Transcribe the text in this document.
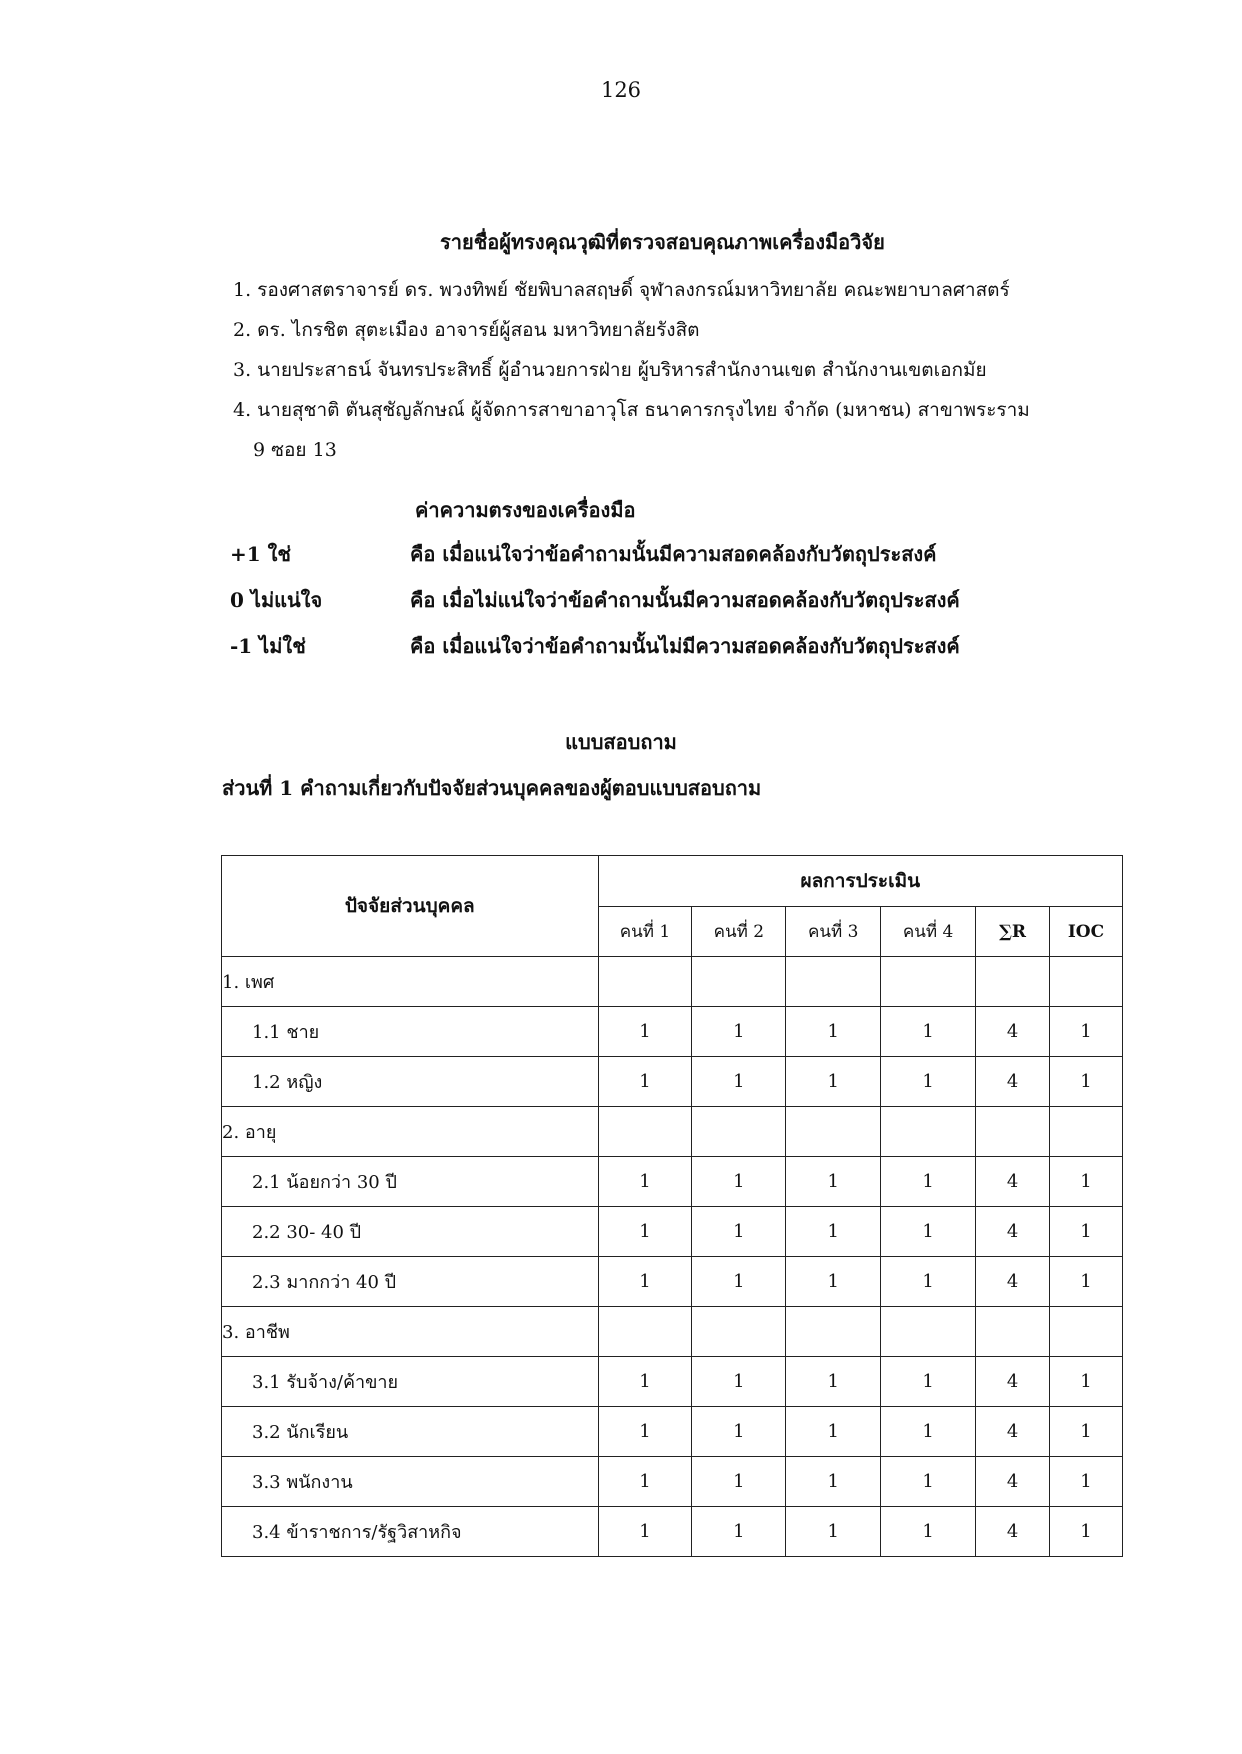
126
รายชื่อผู้ทรงคุณวุฒิที่ตรวจสอบคุณภาพเครื่องมือวิจัย
1. รองศาสตราจารย์ ดร. พวงทิพย์ ชัยพิบาลสฤษดิ์ จุฬาลงกรณ์มหาวิทยาลัย คณะพยาบาลศาสตร์
2. ดร. ไกรชิต สุตะเมือง อาจารย์ผู้สอน มหาวิทยาลัยรังสิต
3. นายประสาธน์ จันทรประสิทธิ์ ผู้อำนวยการฝ่าย ผู้บริหารสำนักงานเขต สำนักงานเขตเอกมัย
4. นายสุชาติ ตันสุชัญลักษณ์ ผู้จัดการสาขาอาวุโส ธนาคารกรุงไทย จำกัด (มหาชน) สาขาพระราม
9 ซอย 13
ค่าความตรงของเครื่องมือ
+1 ใช่	คือ เมื่อแน่ใจว่าข้อคำถามนั้นมีความสอดคล้องกับวัตถุประสงค์
0 ไม่แน่ใจ	คือ เมื่อไม่แน่ใจว่าข้อคำถามนั้นมีความสอดคล้องกับวัตถุประสงค์
-1 ไม่ใช่	คือ เมื่อแน่ใจว่าข้อคำถามนั้นไม่มีความสอดคล้องกับวัตถุประสงค์
แบบสอบถาม
ส่วนที่ 1 คำถามเกี่ยวกับปัจจัยส่วนบุคคลของผู้ตอบแบบสอบถาม
ปัจจัยส่วนบุคคล	ผลการประเมิน					
	คนที่ 1	คนที่ 2	คนที่ 3	คนที่ 4	∑R	IOC
1. เพศ						
1.1 ชาย	1	1	1	1	4	1
1.2 หญิง	1	1	1	1	4	1
2. อายุ						
2.1 น้อยกว่า 30 ปี	1	1	1	1	4	1
2.2 30- 40 ปี	1	1	1	1	4	1
2.3 มากกว่า 40 ปี	1	1	1	1	4	1
3. อาชีพ						
3.1 รับจ้าง/ค้าขาย	1	1	1	1	4	1
3.2 นักเรียน	1	1	1	1	4	1
3.3 พนักงาน	1	1	1	1	4	1
3.4 ข้าราชการ/รัฐวิสาหกิจ	1	1	1	1	4	1
